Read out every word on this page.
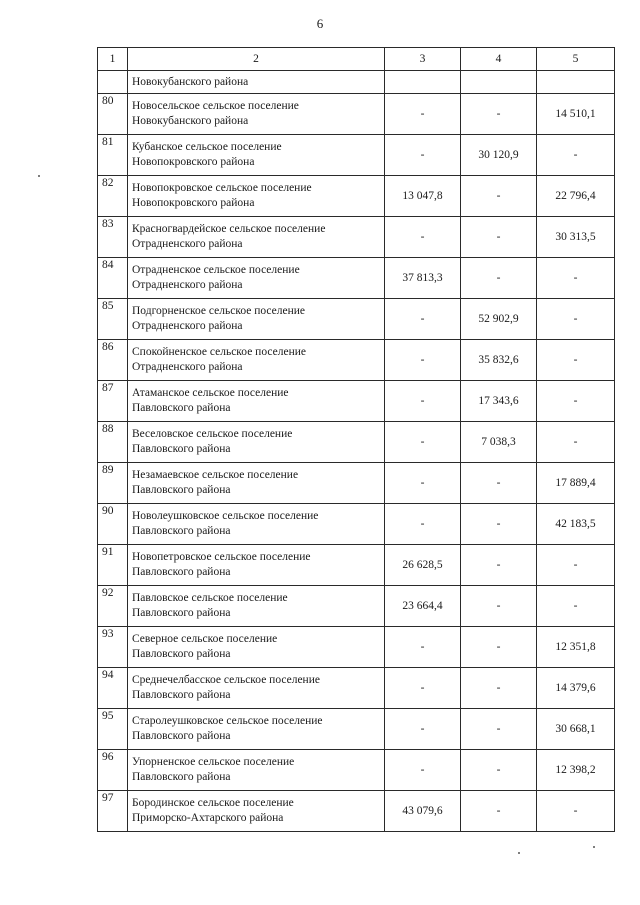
6
1	2	3	4	5

	Новокубанского района			

80	Новосельское сельское поселение
Новокубанского района	-	-	14 510,1
81	Кубанское сельское поселение
Новопокровского района	-	30 120,9	-
82	Новопокровское сельское поселение
Новопокровского района	13 047,8	-	22 796,4
83	Красногвардейское сельское поселение
Отрадненского района	-	-	30 313,5
84	Отрадненское сельское поселение
Отрадненского района	37 813,3	-	-
85	Подгорненское сельское поселение
Отрадненского района	-	52 902,9	-
86	Спокойненское сельское поселение
Отрадненского района	-	35 832,6	-
87	Атаманское сельское поселение
Павловского района	-	17 343,6	-
88	Веселовское сельское поселение
Павловского района	-	7 038,3	-
89	Незамаевское сельское поселение
Павловского района	-	-	17 889,4
90	Новолеушковское сельское поселение
Павловского района	-	-	42 183,5
91	Новопетровское сельское поселение
Павловского района	26 628,5	-	-
92	Павловское сельское поселение
Павловского района	23 664,4	-	-
93	Северное сельское поселение
Павловского района	-	-	12 351,8
94	Среднечелбасское сельское поселение
Павловского района	-	-	14 379,6
95	Старолеушковское сельское поселение
Павловского района	-	-	30 668,1
96	Упорненское сельское поселение
Павловского района	-	-	12 398,2
97	Бородинское сельское поселение
Приморско-Ахтарского района	43 079,6	-	-
